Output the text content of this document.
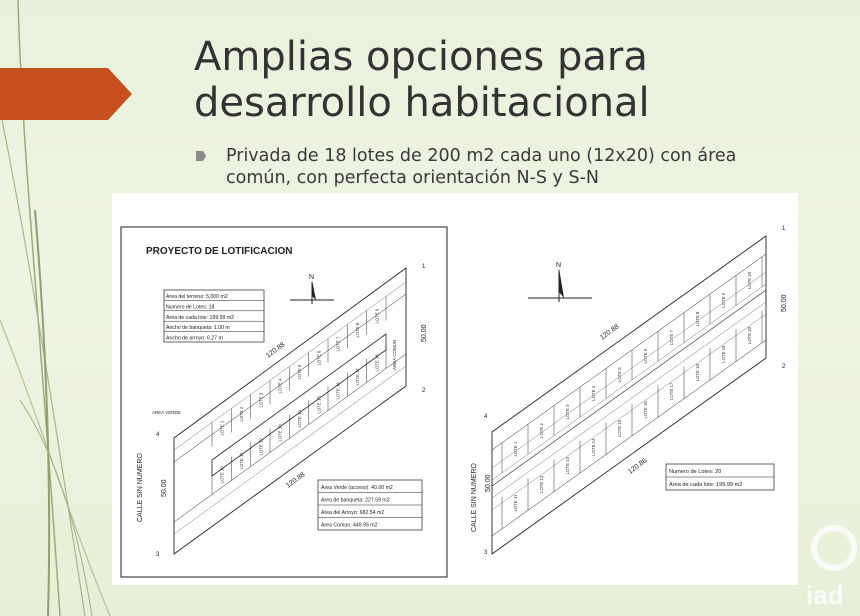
Amplias opciones para
desarrollo habitacional
Privada de 18 lotes de 200 m2 cada uno (12x20) con área común, con perfecta orientación N-S y S-N
PROYECTO DE LOTIFICACION
N
Area del terreno: 5,000 m2
Numero de Lotes: 18
Area de cada lote: 199.99 m2
Ancho de banqueta: 1.00 m
Ancho de arroyo: 6.27 m
LOTE 1
LOTE 2
LOTE 3
LOTE 4
LOTE 5
LOTE 6
LOTE 7
LOTE 8
LOTE 9
LOTE 10
LOTE 11
LOTE 12
LOTE 13
LOTE 14
LOTE 15
LOTE 16
LOTE 17
LOTE 18
120.88
120.88
50.00
50.00
CALLE SIN NUMERO
AREA VERDE
AREA COMUN
1
2
3
4
Area Verde (acceso): 40.00 m2
Area de banqueta: 227.59 m2
Area del Arroyo: 682.54 m2
Area Comun: 449.95 m2
N
LOTE 1
LOTE 2
LOTE 3
LOTE 4
LOTE 5
LOTE 6
LOTE 7
LOTE 8
LOTE 9
LOTE 10
LOTE 11
LOTE 12
LOTE 13
LOTE 14
LOTE 15
LOTE 16
LOTE 17
LOTE 18
LOTE 19
LOTE 20
120.88
120.86
50.00
50.00
CALLE SIN NUMERO
1
2
3
4
Numero de Lotes: 20
Area de cada lote: 199.99 m2
iad
